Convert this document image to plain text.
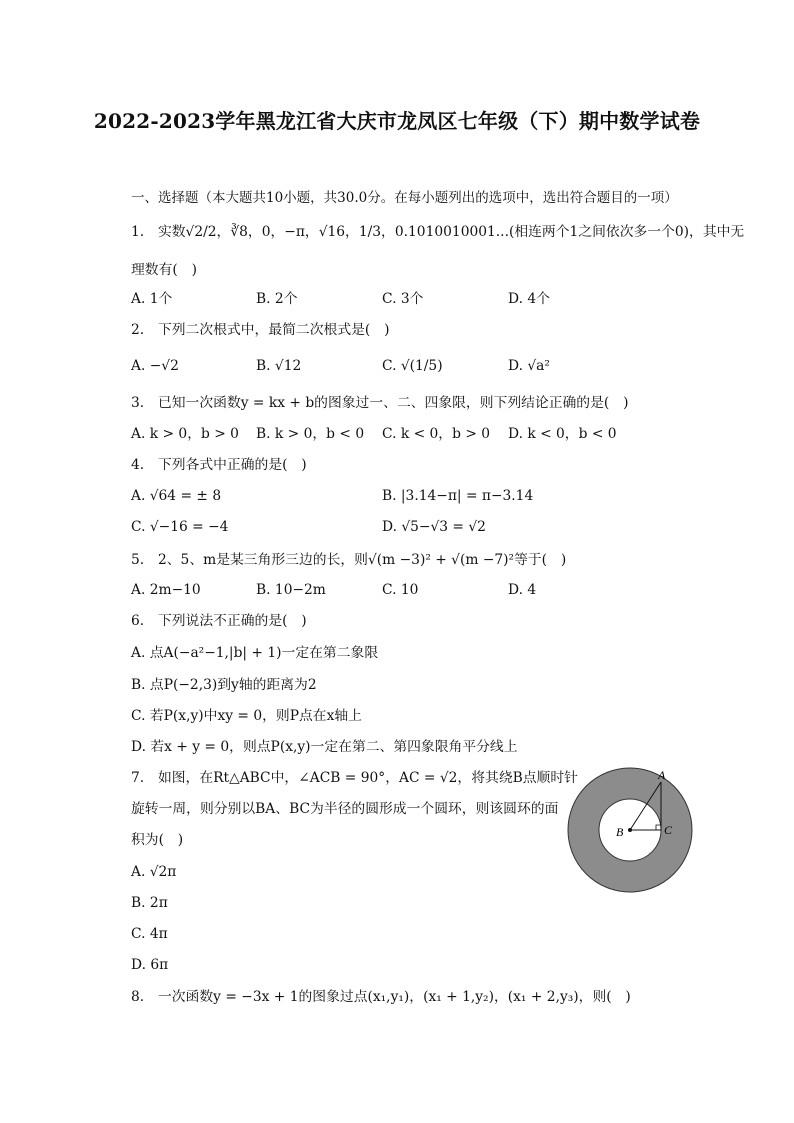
2022-2023学年黑龙江省大庆市龙凤区七年级（下）期中数学试卷
一、选择题（本大题共10小题，共30.0分。在每小题列出的选项中，选出符合题目的一项）
1.　实数√2/2，∛8，0，−π，√16，1/3，0.1010010001...(相连两个1之间依次多一个0)，其中无
理数有(　)
A. 1个	B. 2个	C. 3个	D. 4个
2.　下列二次根式中，最简二次根式是(　)
A. −√2	B. √12	C. √(1/5)	D. √a²
3.　已知一次函数y = kx + b的图象过一、二、四象限，则下列结论正确的是(　)
A. k > 0，b > 0 B. k > 0，b < 0 C. k < 0，b > 0 D. k < 0，b < 0
4.　下列各式中正确的是(　)
A. √64 = ± 8	B. |3.14−π| = π−3.14
C. √−16 = −4	D. √5−√3 = √2
5.　2、5、m是某三角形三边的长，则√(m −3)² + √(m −7)²等于(　)
A. 2m−10	B. 10−2m	C. 10	D. 4
6.　下列说法不正确的是(　)
A. 点A(−a²−1,|b| + 1)一定在第二象限
B. 点P(−2,3)到y轴的距离为2
C. 若P(x,y)中xy = 0，则P点在x轴上
D. 若x + y = 0，则点P(x,y)一定在第二、第四象限角平分线上
7.　如图，在Rt△ABC中，∠ACB = 90°，AC = √2，将其绕B点顺时针
旋转一周，则分别以BA、BC为半径的圆形成一个圆环，则该圆环的面
积为(　)
A. √2π
B. 2π
C. 4π
D. 6π
A
B	C
8.　一次函数y = −3x + 1的图象过点(x₁,y₁)，(x₁ + 1,y₂)，(x₁ + 2,y₃)，则(　)
